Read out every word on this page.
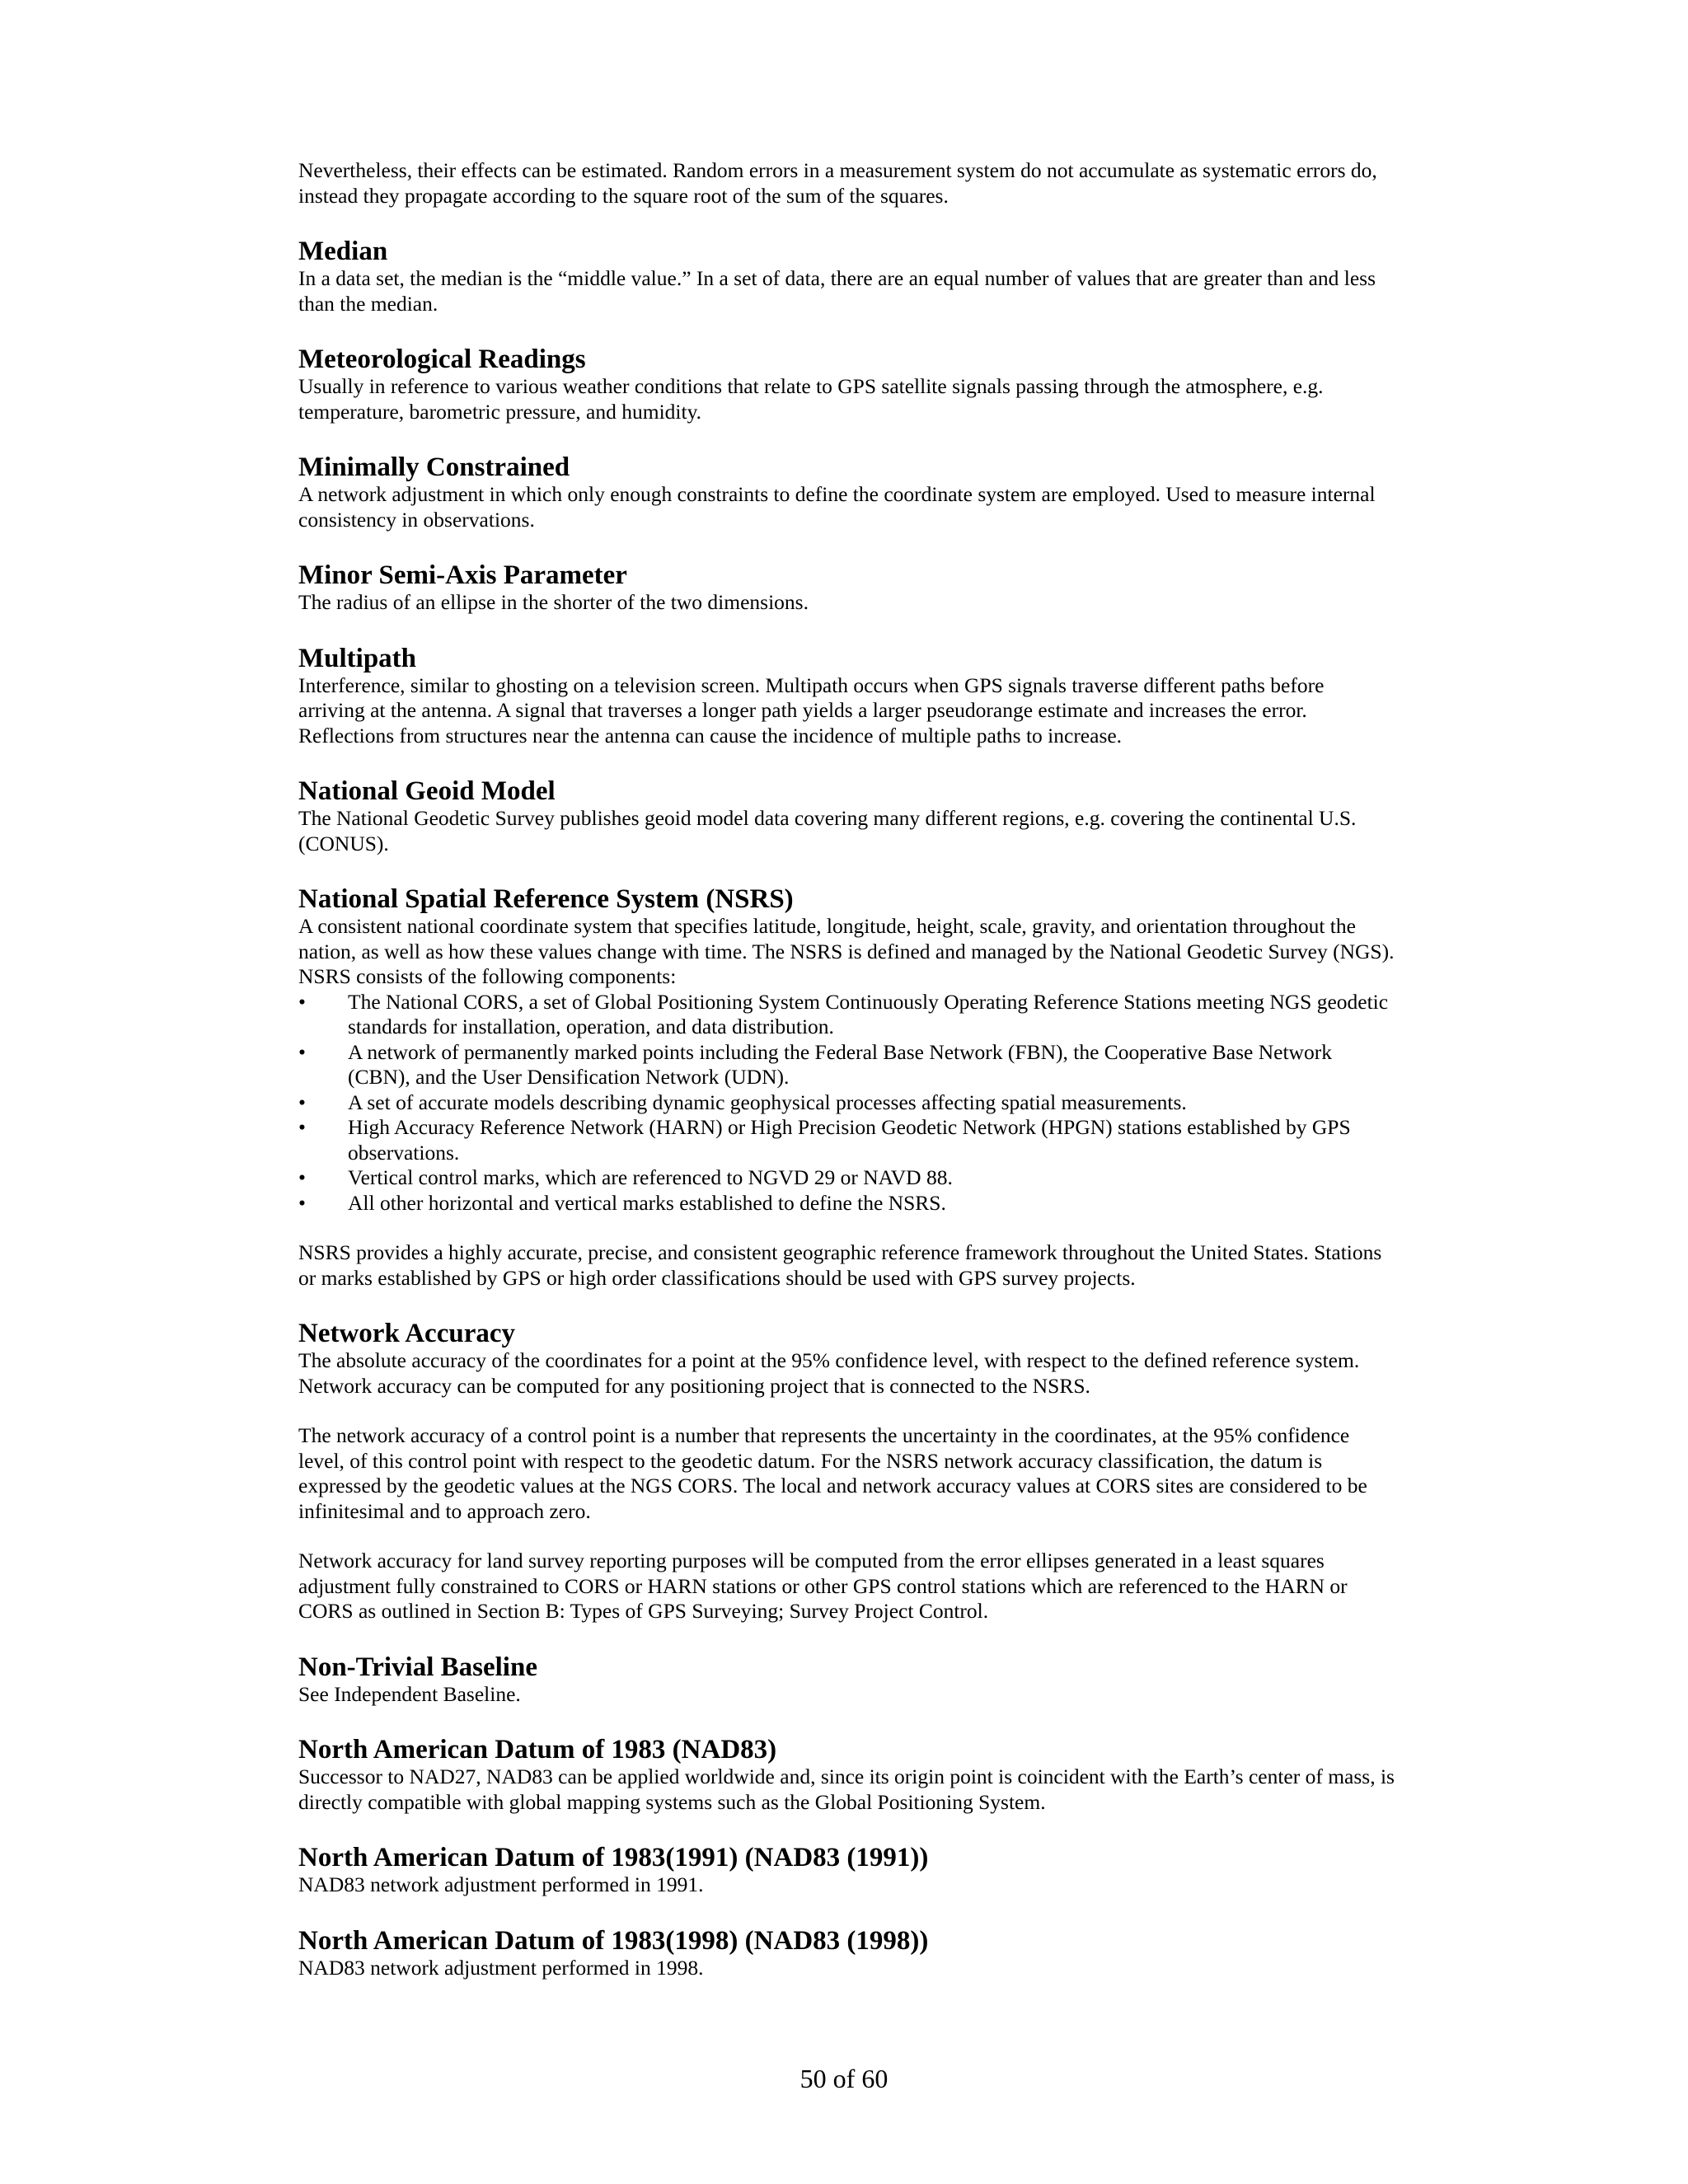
Nevertheless, their effects can be estimated. Random errors in a measurement system do not accumulate as systematic errors do, instead they propagate according to the square root of the sum of the squares.

Median

In a data set, the median is the “middle value.” In a set of data, there are an equal number of values that are greater than and less than the median.

Meteorological Readings

Usually in reference to various weather conditions that relate to GPS satellite signals passing through the atmosphere, e.g. temperature, barometric pressure, and humidity.

Minimally Constrained

A network adjustment in which only enough constraints to define the coordinate system are employed. Used to measure internal consistency in observations.

Minor Semi-Axis Parameter

The radius of an ellipse in the shorter of the two dimensions.

Multipath

Interference, similar to ghosting on a television screen. Multipath occurs when GPS signals traverse different paths before arriving at the antenna. A signal that traverses a longer path yields a larger pseudorange estimate and increases the error. Reflections from structures near the antenna can cause the incidence of multiple paths to increase.

National Geoid Model

The National Geodetic Survey publishes geoid model data covering many different regions, e.g. covering the continental U.S. (CONUS).

National Spatial Reference System (NSRS)

A consistent national coordinate system that specifies latitude, longitude, height, scale, gravity, and orientation throughout the nation, as well as how these values change with time. The NSRS is defined and managed by the National Geodetic Survey (NGS). NSRS consists of the following components:

• The National CORS, a set of Global Positioning System Continuously Operating Reference Stations meeting NGS geodetic standards for installation, operation, and data distribution.
• A network of permanently marked points including the Federal Base Network (FBN), the Cooperative Base Network (CBN), and the User Densification Network (UDN).
• A set of accurate models describing dynamic geophysical processes affecting spatial measurements.
• High Accuracy Reference Network (HARN) or High Precision Geodetic Network (HPGN) stations established by GPS observations.
• Vertical control marks, which are referenced to NGVD 29 or NAVD 88.
• All other horizontal and vertical marks established to define the NSRS.

NSRS provides a highly accurate, precise, and consistent geographic reference framework throughout the United States. Stations or marks established by GPS or high order classifications should be used with GPS survey projects.

Network Accuracy

The absolute accuracy of the coordinates for a point at the 95% confidence level, with respect to the defined reference system. Network accuracy can be computed for any positioning project that is connected to the NSRS.

The network accuracy of a control point is a number that represents the uncertainty in the coordinates, at the 95% confidence level, of this control point with respect to the geodetic datum. For the NSRS network accuracy classification, the datum is expressed by the geodetic values at the NGS CORS. The local and network accuracy values at CORS sites are considered to be infinitesimal and to approach zero.

Network accuracy for land survey reporting purposes will be computed from the error ellipses generated in a least squares adjustment fully constrained to CORS or HARN stations or other GPS control stations which are referenced to the HARN or CORS as outlined in Section B: Types of GPS Surveying; Survey Project Control.

Non-Trivial Baseline

See Independent Baseline.

North American Datum of 1983 (NAD83)

Successor to NAD27, NAD83 can be applied worldwide and, since its origin point is coincident with the Earth’s center of mass, is directly compatible with global mapping systems such as the Global Positioning System.

North American Datum of 1983(1991) (NAD83 (1991))

NAD83 network adjustment performed in 1991.

North American Datum of 1983(1998) (NAD83 (1998))

NAD83 network adjustment performed in 1998.

50 of 60
